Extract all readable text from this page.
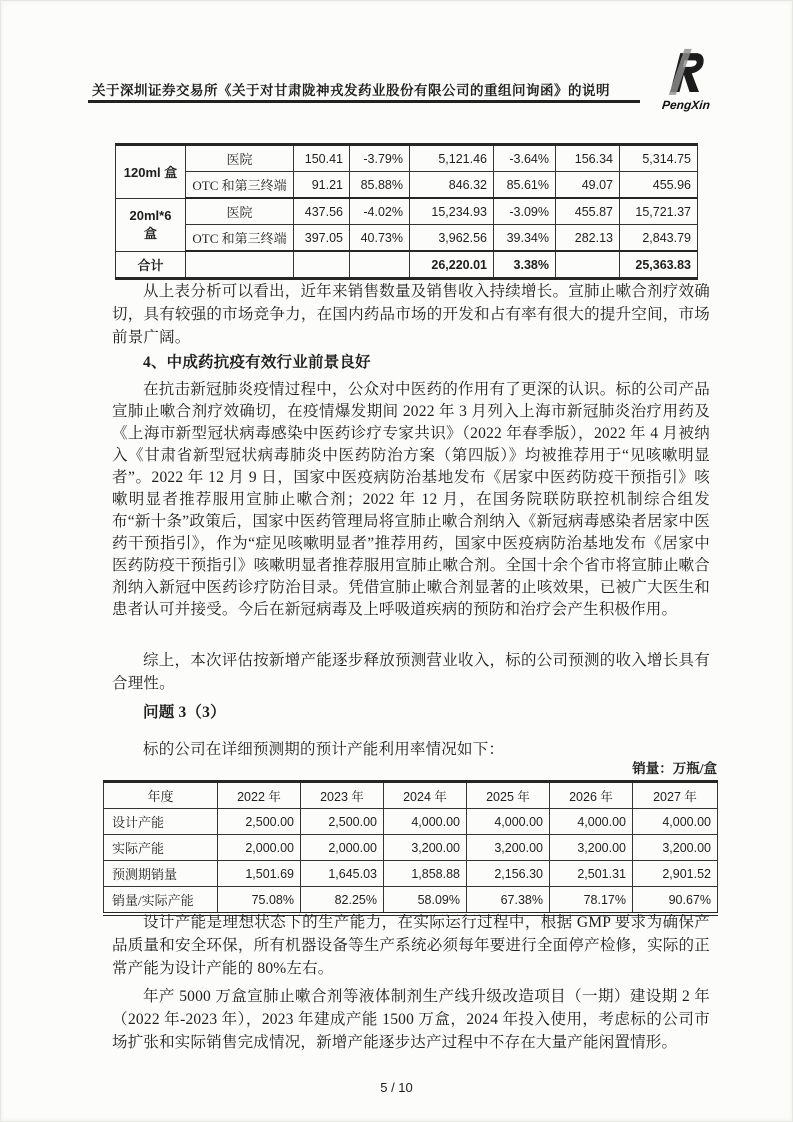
关于深圳证券交易所《关于对甘肃陇神戎发药业股份有限公司的重组问询函》的说明
PengXin
120ml 盒	医院	150.41	-3.79%	5,121.46	-3.64%	156.34	5,314.75
	OTC 和第三终端	91.21	85.88%	846.32	85.61%	49.07	455.96
20ml*6 盒	医院	437.56	-4.02%	15,234.93	-3.09%	455.87	15,721.37
	OTC 和第三终端	397.05	40.73%	3,962.56	39.34%	282.13	2,843.79
合计				26,220.01	3.38%		25,363.83
从上表分析可以看出，近年来销售数量及销售收入持续增长。宣肺止嗽合剂疗效确切，具有较强的市场竞争力，在国内药品市场的开发和占有率有很大的提升空间，市场前景广阔。
4、中成药抗疫有效行业前景良好
在抗击新冠肺炎疫情过程中，公众对中医药的作用有了更深的认识。标的公司产品宣肺止嗽合剂疗效确切，在疫情爆发期间 2022 年 3 月列入上海市新冠肺炎治疗用药及《上海市新型冠状病毒感染中医药诊疗专家共识》（2022 年春季版），2022 年 4 月被纳入《甘肃省新型冠状病毒肺炎中医药防治方案（第四版）》均被推荐用于“见咳嗽明显者”。2022 年 12 月 9 日，国家中医疫病防治基地发布《居家中医药防疫干预指引》咳嗽明显者推荐服用宣肺止嗽合剂；2022 年 12 月，在国务院联防联控机制综合组发布“新十条”政策后，国家中医药管理局将宣肺止嗽合剂纳入《新冠病毒感染者居家中医药干预指引》，作为“症见咳嗽明显者”推荐用药，国家中医疫病防治基地发布《居家中医药防疫干预指引》咳嗽明显者推荐服用宣肺止嗽合剂。全国十余个省市将宣肺止嗽合剂纳入新冠中医药诊疗防治目录。凭借宣肺止嗽合剂显著的止咳效果，已被广大医生和患者认可并接受。今后在新冠病毒及上呼吸道疾病的预防和治疗会产生积极作用。
综上，本次评估按新增产能逐步释放预测营业收入，标的公司预测的收入增长具有合理性。
问题 3（3）
标的公司在详细预测期的预计产能利用率情况如下：
销量：万瓶/盒
年度	2022 年	2023 年	2024 年	2025 年	2026 年	2027 年
设计产能	2,500.00	2,500.00	4,000.00	4,000.00	4,000.00	4,000.00
实际产能	2,000.00	2,000.00	3,200.00	3,200.00	3,200.00	3,200.00
预测期销量	1,501.69	1,645.03	1,858.88	2,156.30	2,501.31	2,901.52
销量/实际产能	75.08%	82.25%	58.09%	67.38%	78.17%	90.67%
设计产能是理想状态下的生产能力，在实际运行过程中，根据 GMP 要求为确保产品质量和安全环保，所有机器设备等生产系统必须每年要进行全面停产检修，实际的正常产能为设计产能的 80%左右。
年产 5000 万盒宣肺止嗽合剂等液体制剂生产线升级改造项目（一期）建设期 2 年（2022 年-2023 年），2023 年建成产能 1500 万盒，2024 年投入使用，考虑标的公司市场扩张和实际销售完成情况，新增产能逐步达产过程中不存在大量产能闲置情形。
5 / 10
